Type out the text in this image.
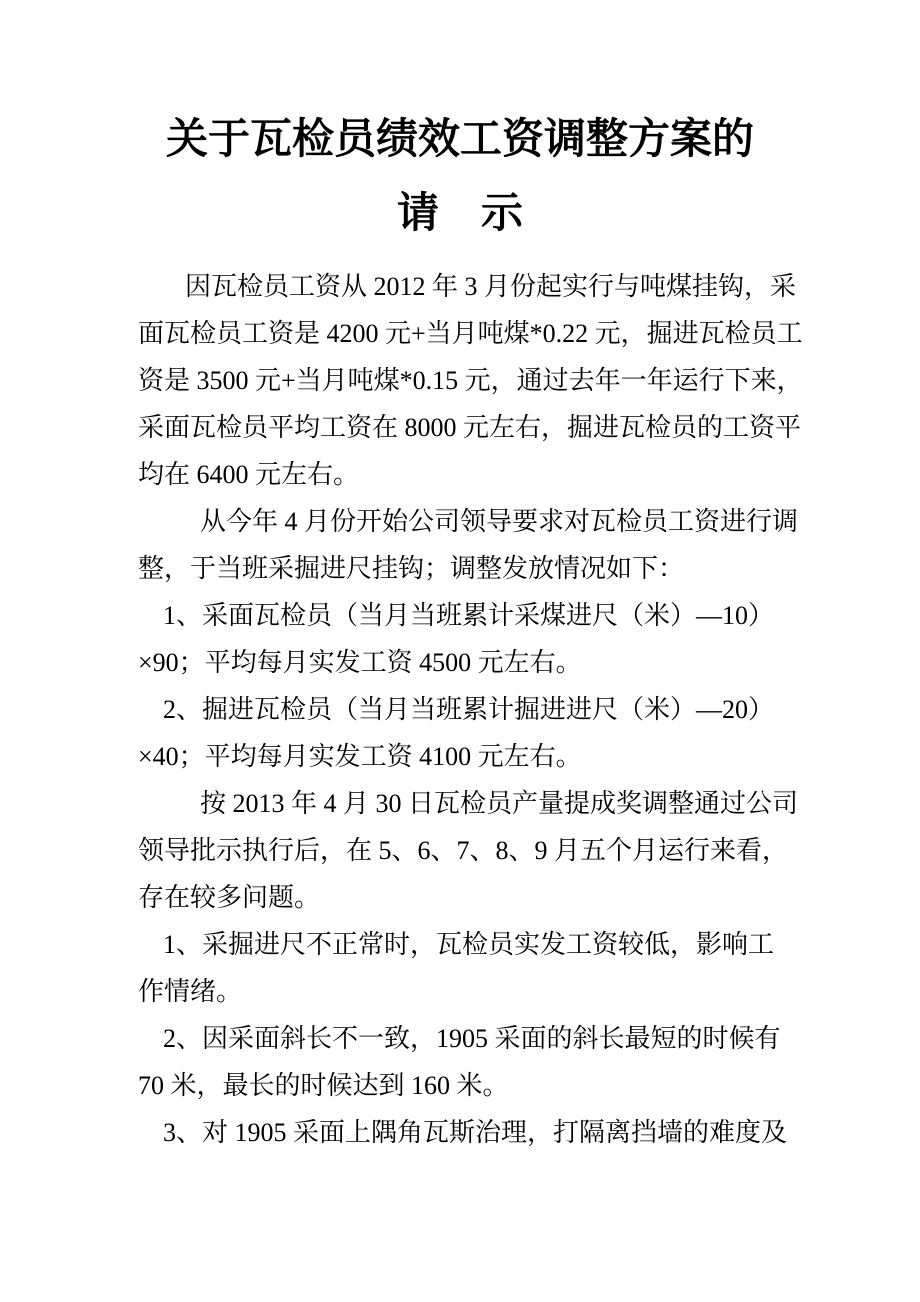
关于瓦检员绩效工资调整方案的
请　示
因瓦检员工资从 2012 年 3 月份起实行与吨煤挂钩，采
面瓦检员工资是 4200 元+当月吨煤*0.22 元，掘进瓦检员工
资是 3500 元+当月吨煤*0.15 元，通过去年一年运行下来，
采面瓦检员平均工资在 8000 元左右，掘进瓦检员的工资平
均在 6400 元左右。
从今年 4 月份开始公司领导要求对瓦检员工资进行调
整，于当班采掘进尺挂钩；调整发放情况如下：
1、采面瓦检员（当月当班累计采煤进尺（米）—10）
×90；平均每月实发工资 4500 元左右。
2、掘进瓦检员（当月当班累计掘进进尺（米）—20）
×40；平均每月实发工资 4100 元左右。
按 2013 年 4 月 30 日瓦检员产量提成奖调整通过公司
领导批示执行后，在 5、6、7、8、9 月五个月运行来看，
存在较多问题。
1、采掘进尺不正常时，瓦检员实发工资较低，影响工
作情绪。
2、因采面斜长不一致，1905 采面的斜长最短的时候有
70 米，最长的时候达到 160 米。
3、对 1905 采面上隅角瓦斯治理，打隔离挡墙的难度及
